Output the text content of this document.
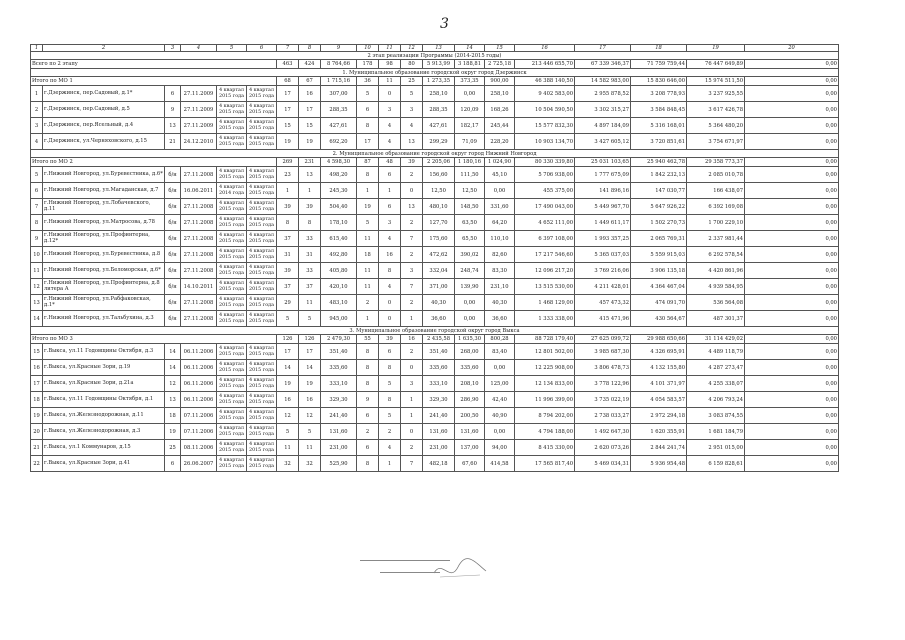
3
1	2	3	4	5	6	7	8	9	10	11	12	13	14	15	16	17	18	19	20
2 этап реализации Программы (2014-2015 годы)																			
Всего по 2 этапу						463	424	8 764,66	178	98	80	5 913,99	3 188,81	2 725,18	213 446 655,70	67 339 346,37	71 759 759,44	76 447 649,89	0,00
1. Муниципальное образование городской округ город Дзержинск																			
Итого по МО 1						68	67	1 715,16	36	11	25	1 273,35	373,35	900,00	46 388 140,50	14 582 983,00	15 830 646,00	15 974 511,50	0,00
1	г.Дзержинск, пер.Садовый, д.1*	6	27.11.2009	4 квартал 2015 года	4 квартал 2015 года	17	16	307,00	5	0	5	258,10	0,00	258,10	9 402 583,00	2 955 878,52	3 208 778,93	3 237 925,55	0,00
2	г.Дзержинск, пер.Садовый, д.5	9	27.11.2009	4 квартал 2015 года	4 квартал 2015 года	17	17	288,35	6	3	3	288,35	120,09	168,26	10 504 590,50	3 302 315,27	3 584 848,45	3 617 426,78	0,00
3	г.Дзержинск, пер.Ясельный, д.4	13	27.11.2009	4 квартал 2015 года	4 квартал 2015 года	15	15	427,61	8	4	4	427,61	182,17	245,44	15 577 832,30	4 897 184,09	5 316 168,01	5 364 480,20	0,00
4	г.Дзержинск, ул.Черняховского, д.15	21	24.12.2010	4 квартал 2015 года	4 квартал 2015 года	19	19	692,20	17	4	13	299,29	71,09	228,20	10 903 134,70	3 427 605,12	3 720 851,61	3 754 671,97	0,00
2. Муниципальное образование городской округ город Нижний Новгород																			
Итого по МО 2						269	231	4 598,30	87	48	39	2 205,06	1 180,16	1 024,90	80 330 339,80	25 031 103,65	25 940 462,78	29 358 773,37	0,00
5	г.Нижний Новгород, ул.Буревестника, д.6*	б/н	27.11.2008	4 квартал 2015 года	4 квартал 2015 года	23	13	498,20	8	6	2	156,60	111,50	45,10	5 706 938,00	1 777 675,09	1 842 232,13	2 085 010,78	0,00
6	г.Нижний Новгород, ул.Магаданская, д.7	б/н	16.06.2011	4 квартал 2014 года	4 квартал 2015 года	1	1	245,30	1	1	0	12,50	12,50	0,00	455 375,00	141 896,16	147 030,77	166 438,07	0,00
7	г.Нижний Новгород, ул.Лобачевского, д.11	б/н	27.11.2008	4 квартал 2015 года	4 квартал 2015 года	39	39	504,40	19	6	13	480,10	148,50	331,60	17 490 043,00	5 449 967,70	5 647 926,22	6 392 169,08	0,00
8	г.Нижний Новгород, ул.Матросова, д.78	б/н	27.11.2008	4 квартал 2015 года	4 квартал 2015 года	8	8	178,10	5	3	2	127,70	63,50	64,20	4 652 111,00	1 449 611,17	1 502 270,73	1 700 229,10	0,00
9	г.Нижний Новгород, ул.Профинтерна, д.12*	б/н	27.11.2008	4 квартал 2015 года	4 квартал 2015 года	37	33	615,40	11	4	7	175,60	65,50	110,10	6 397 108,00	1 993 357,25	2 065 769,31	2 337 981,44	0,00
10	г.Нижний Новгород, ул.Буревестника, д.8	б/н	27.11.2008	4 квартал 2015 года	4 квартал 2015 года	31	31	492,80	18	16	2	472,62	390,02	82,60	17 217 546,60	5 365 037,03	5 559 915,03	6 292 578,54	0,00
11	г.Нижний Новгород, ул.Беломорская, д.6*	б/н	27.11.2008	4 квартал 2015 года	4 квартал 2015 года	39	33	405,80	11	8	3	332,04	248,74	83,30	12 096 217,20	3 769 216,06	3 906 135,18	4 420 861,96	0,00
12	г.Нижний Новгород, ул.Профинтерна, д.8 литера А	б/н	14.10.2011	4 квартал 2015 года	4 квартал 2015 года	37	37	420,10	11	4	7	371,00	139,90	231,10	13 515 530,00	4 211 428,01	4 364 467,04	4 939 584,95	0,00
13	г.Нижний Новгород, ул.Рабфаковская, д.1*	б/н	27.11.2008	4 квартал 2015 года	4 квартал 2015 года	29	11	483,10	2	0	2	40,30	0,00	40,30	1 468 129,00	457 473,32	474 091,70	536 564,08	0,00
14	г.Нижний Новгород, ул.Тальбухина, д.3	б/н	27.11.2008	4 квартал 2015 года	4 квартал 2015 года	5	5	945,00	1	0	1	36,60	0,00	36,60	1 333 338,00	415 471,96	430 564,67	487 301,37	0,00
3. Муниципальное образование городской округ город Выкса																			
Итого по МО 3						126	126	2 479,30	55	39	16	2 435,58	1 635,30	800,28	88 728 179,40	27 625 099,72	29 988 650,66	31 114 429,02	0,00
15	г.Выкса, ул.11 Годовщины Октября, д.3	14	06.11.2006	4 квартал 2015 года	4 квартал 2015 года	17	17	351,40	8	6	2	351,40	268,00	83,40	12 801 502,00	3 985 687,30	4 326 695,91	4 489 118,79	0,00
16	г.Выкса, ул.Красные Зори, д.19	14	06.11.2006	4 квартал 2015 года	4 квартал 2015 года	14	14	335,60	8	8	0	335,60	335,60	0,00	12 225 908,00	3 806 478,73	4 132 155,80	4 287 273,47	0,00
17	г.Выкса, ул.Красные Зори, д.21а	12	06.11.2006	4 квартал 2015 года	4 квартал 2015 года	19	19	333,10	8	5	3	333,10	208,10	125,00	12 134 833,00	3 778 122,96	4 101 371,97	4 255 338,07	0,00
18	г.Выкса, ул.11 Годовщины Октября, д.1	13	06.11.2006	4 квартал 2015 года	4 квартал 2015 года	16	16	329,30	9	8	1	329,30	286,90	42,40	11 996 399,00	3 735 022,19	4 054 583,57	4 206 793,24	0,00
19	г.Выкса, ул.Железнодорожная, д.11	18	07.11.2006	4 квартал 2015 года	4 квартал 2015 года	12	12	241,40	6	5	1	241,40	200,50	40,90	8 794 202,00	2 738 033,27	2 972 294,18	3 083 874,55	0,00
20	г.Выкса, ул.Железнодорожная, д.3	19	07.11.2006	4 квартал 2015 года	4 квартал 2015 года	5	5	131,60	2	2	0	131,60	131,60	0,00	4 794 188,00	1 492 647,30	1 620 355,91	1 681 184,79	0,00
21	г.Выкса, ул.1 Коммунаров, д.15	25	08.11.2006	4 квартал 2015 года	4 квартал 2015 года	11	11	231,00	6	4	2	231,00	137,00	94,00	8 415 330,00	2 620 073,26	2 844 241,74	2 951 015,00	0,00
22	г.Выкса, ул.Красные Зори, д.41	6	26.06.2007	4 квартал 2015 года	4 квартал 2015 года	32	32	525,90	8	1	7	482,18	67,60	414,58	17 565 817,40	5 469 034,31	5 936 954,48	6 159 828,61	0,00
